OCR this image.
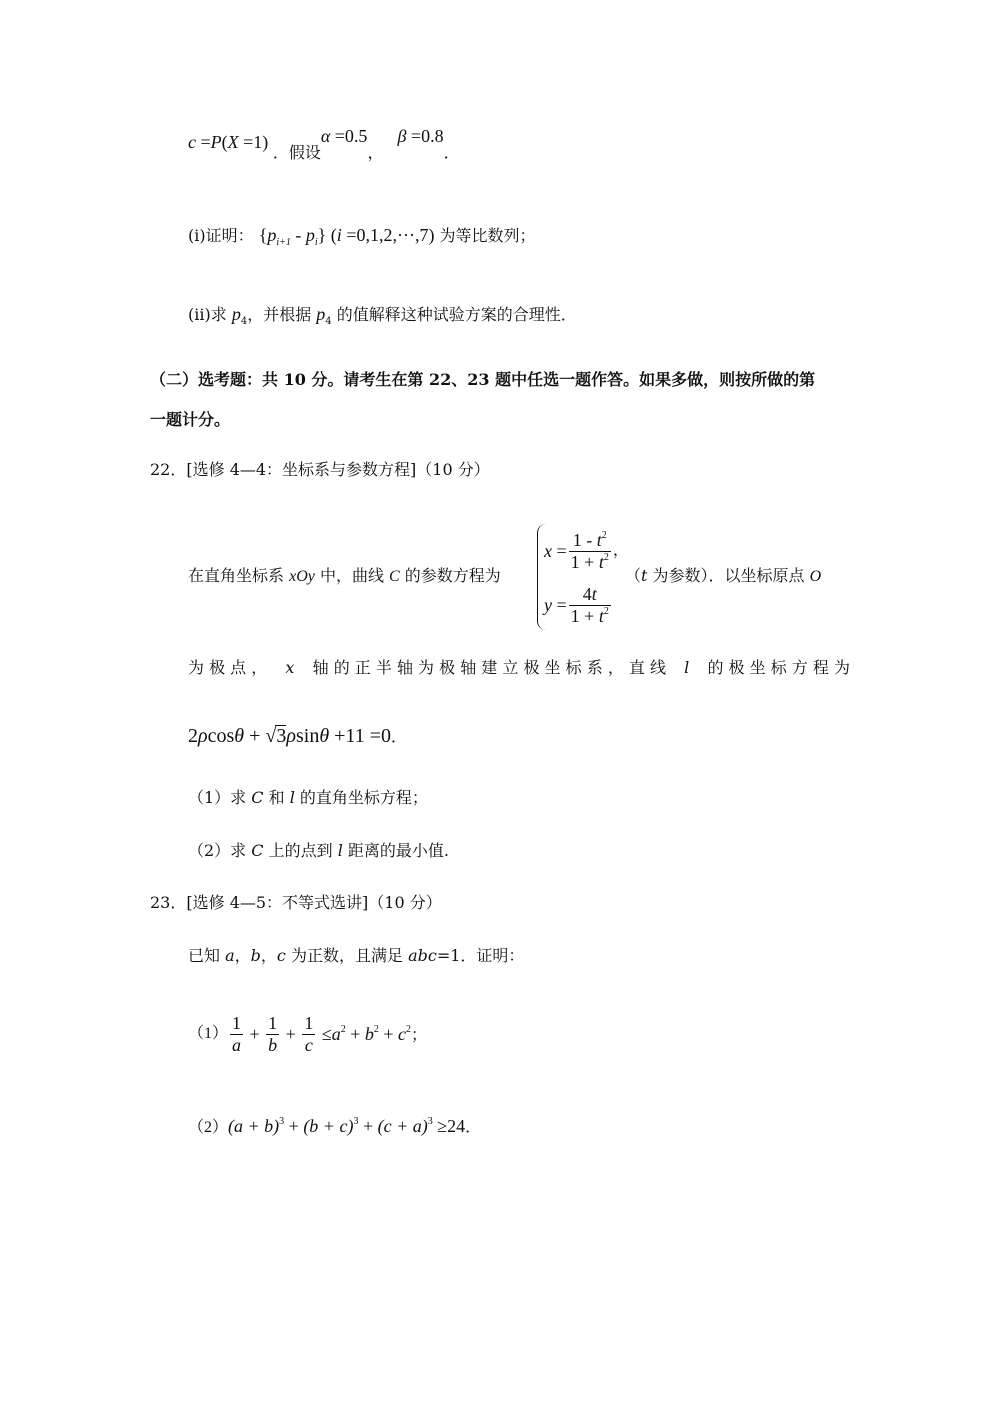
c =P(X =1) ．假设α =0.5，β =0.8．
(i)证明： $\{p_{i+1} - p_i\}$ (i =0,1,2,···,7) 为等比数列；
(ii)求 $p_4$，并根据 $p_4$ 的值解释这种试验方案的合理性．
（二）选考题：共 10 分。请考生在第 22、23 题中任选一题作答。如果多做，则按所做的第
一题计分。
22．[选修 4—4：坐标系与参数方程]（10 分）
在直角坐标系 xOy 中，曲线 C 的参数方程为
$x = \frac{1 - t^2}{1 + t^2}$ ，
$y = \frac{4t}{1 + t^2}$
（t 为参数）．以坐标原点 O
为 极 点 ， x 轴 的 正 半 轴 为 极 轴 建 立 极 坐 标 系 ， 直 线 l 的 极 坐 标 方 程 为
2ρcosθ + √3ρsinθ +11 =0．
（1）求 C 和 l 的直角坐标方程；
（2）求 C 上的点到 l 距离的最小值.
23．[选修 4—5：不等式选讲]（10 分）
已知 a，b，c 为正数，且满足 abc=1．证明：
$(1) \frac{1}{a} + \frac{1}{b} + \frac{1}{c} \le a^2 + b^2 + c^2$；
$(2)(a + b)^3 + (b + c)^3 + (c + a)^3 \ge 24$．
